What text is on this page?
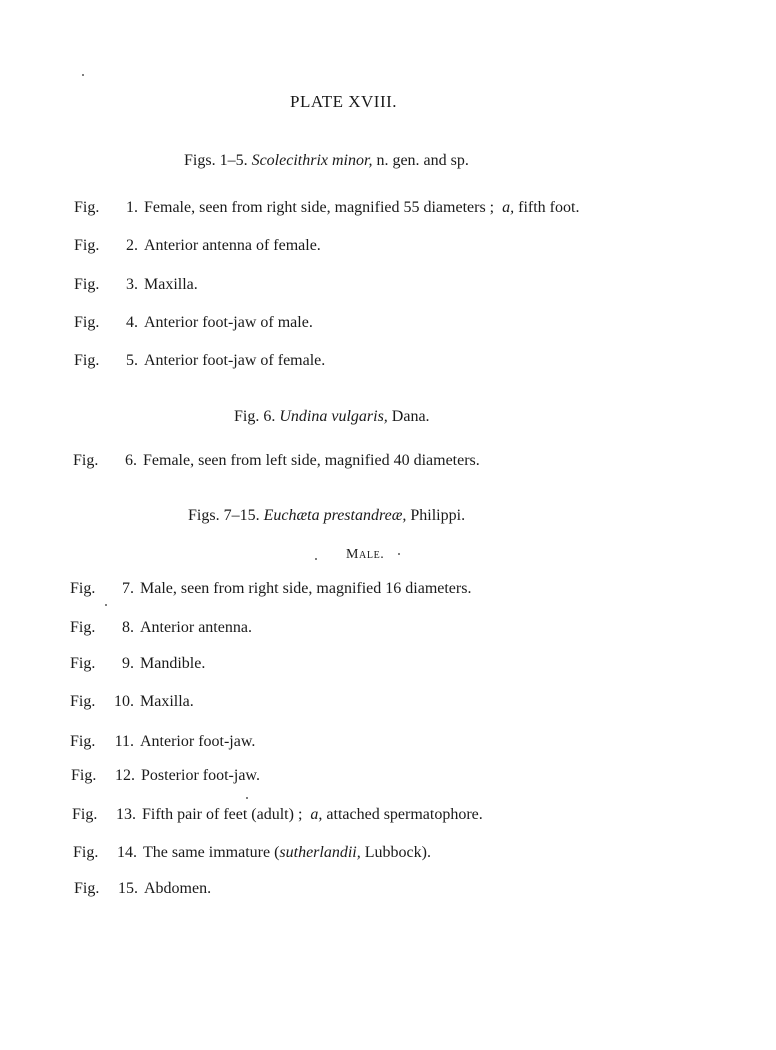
PLATE XVIII.
Figs. 1–5. Scolecithrix minor, n. gen. and sp.
Fig. 1. Female, seen from right side, magnified 55 diameters ; a, fifth foot.
Fig. 2. Anterior antenna of female.
Fig. 3. Maxilla.
Fig. 4. Anterior foot-jaw of male.
Fig. 5. Anterior foot-jaw of female.
Fig. 6. Undina vulgaris, Dana.
Fig. 6. Female, seen from left side, magnified 40 diameters.
Figs. 7–15. Euchæta prestandreæ, Philippi.
Male.
Fig. 7. Male, seen from right side, magnified 16 diameters.
Fig. 8. Anterior antenna.
Fig. 9. Mandible.
Fig. 10. Maxilla.
Fig. 11. Anterior foot-jaw.
Fig. 12. Posterior foot-jaw.
Fig. 13. Fifth pair of feet (adult) ; a, attached spermatophore.
Fig. 14. The same immature (sutherlandii, Lubbock).
Fig. 15. Abdomen.
